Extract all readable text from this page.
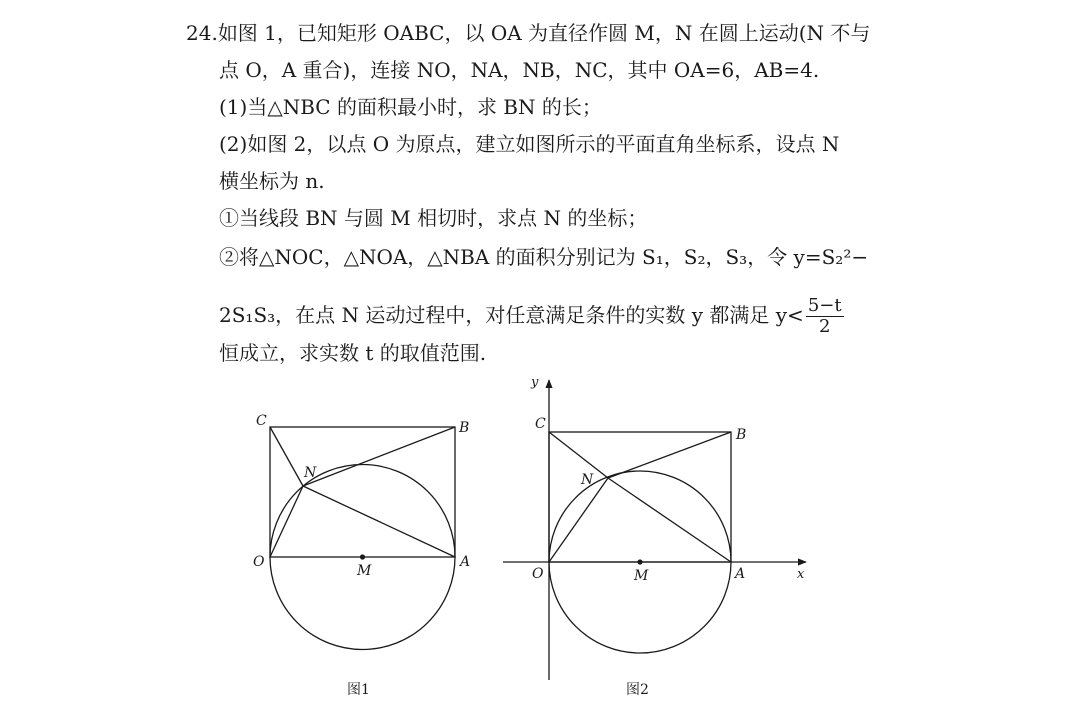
24.如图 1，已知矩形 OABC，以 OA 为直径作圆 M，N 在圆上运动(N 不与
点 O，A 重合)，连接 NO，NA，NB，NC，其中 OA=6，AB=4.
(1)当△NBC 的面积最小时，求 BN 的长；
(2)如图 2，以点 O 为原点，建立如图所示的平面直角坐标系，设点 N
横坐标为 n.
①当线段 BN 与圆 M 相切时，求点 N 的坐标；
②将△NOC，△NOA，△NBA 的面积分别记为 S₁，S₂，S₃，令 y=S₂²−
2S₁S₃，在点 N 运动过程中，对任意满足条件的实数 y 都满足 $y< \frac{5-t}{2}$
恒成立，求实数 t 的取值范围.
C	B
N
O
M
A
图1
y
x
C
B
N
O	M	A
图2
